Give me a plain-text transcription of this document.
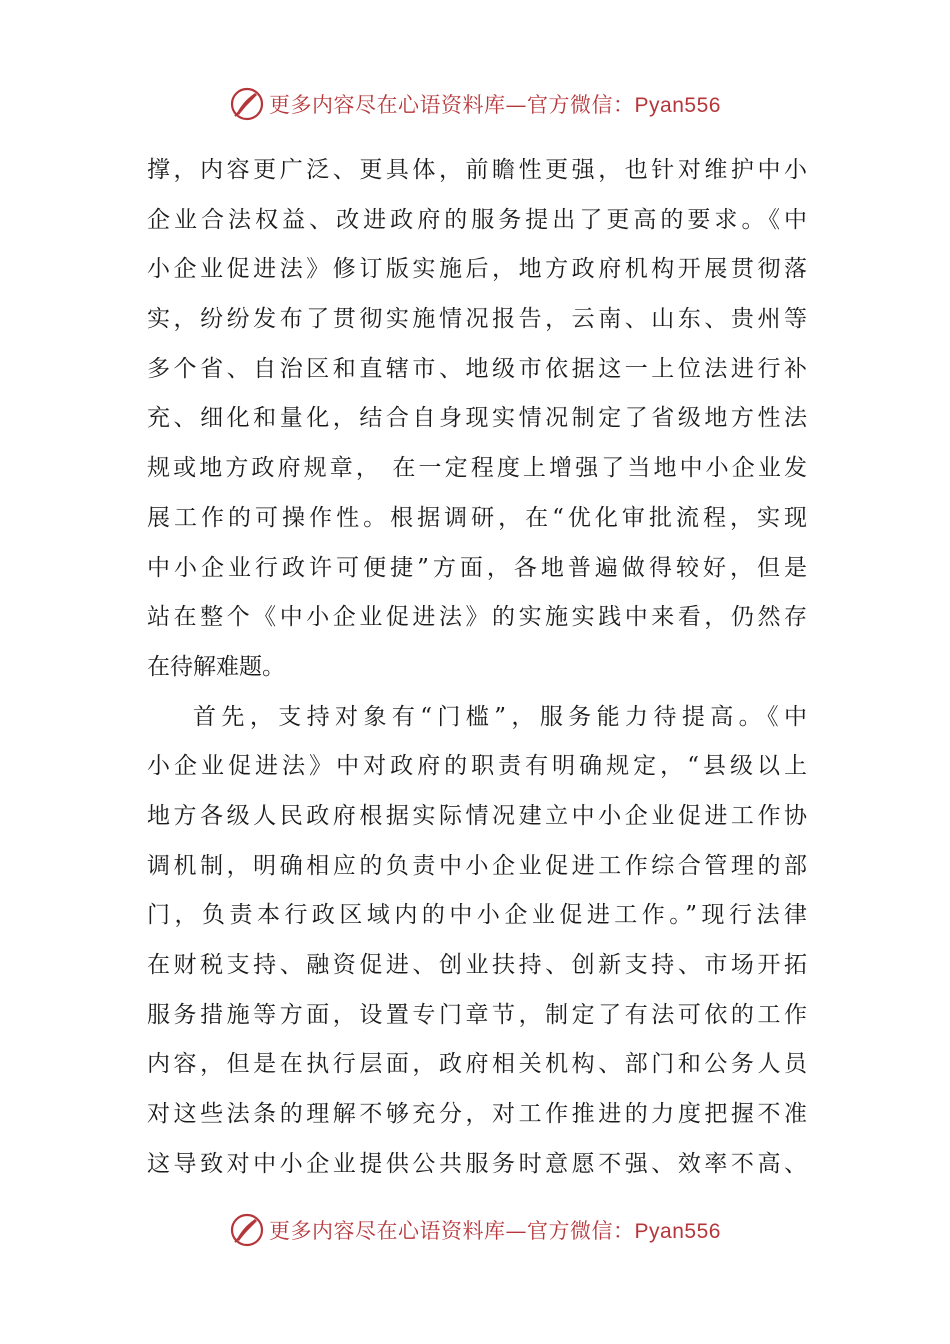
更多内容尽在心语资料库—官方微信：Pyan556
撑，内容更广泛、更具体，前瞻性更强，也针对维护中小
企业合法权益、改进政府的服务提出了更高的要求。《中
小企业促进法》修订版实施后，地方政府机构开展贯彻落
实，纷纷发布了贯彻实施情况报告，云南、山东、贵州等
多个省、自治区和直辖市、地级市依据这一上位法进行补
充、细化和量化，结合自身现实情况制定了省级地方性法
规或地方政府规章， 在一定程度上增强了当地中小企业发
展工作的可操作性。根据调研，在“优化审批流程，实现
中小企业行政许可便捷”方面，各地普遍做得较好，但是
站在整个《中小企业促进法》的实施实践中来看，仍然存
在待解难题。
首先，支持对象有“门槛”，服务能力待提高。《中
小企业促进法》中对政府的职责有明确规定，“县级以上
地方各级人民政府根据实际情况建立中小企业促进工作协
调机制，明确相应的负责中小企业促进工作综合管理的部
门，负责本行政区域内的中小企业促进工作。”现行法律
在财税支持、融资促进、创业扶持、创新支持、市场开拓
服务措施等方面，设置专门章节，制定了有法可依的工作
内容，但是在执行层面，政府相关机构、部门和公务人员
对这些法条的理解不够充分，对工作推进的力度把握不准
这导致对中小企业提供公共服务时意愿不强、效率不高、
更多内容尽在心语资料库—官方微信：Pyan556
